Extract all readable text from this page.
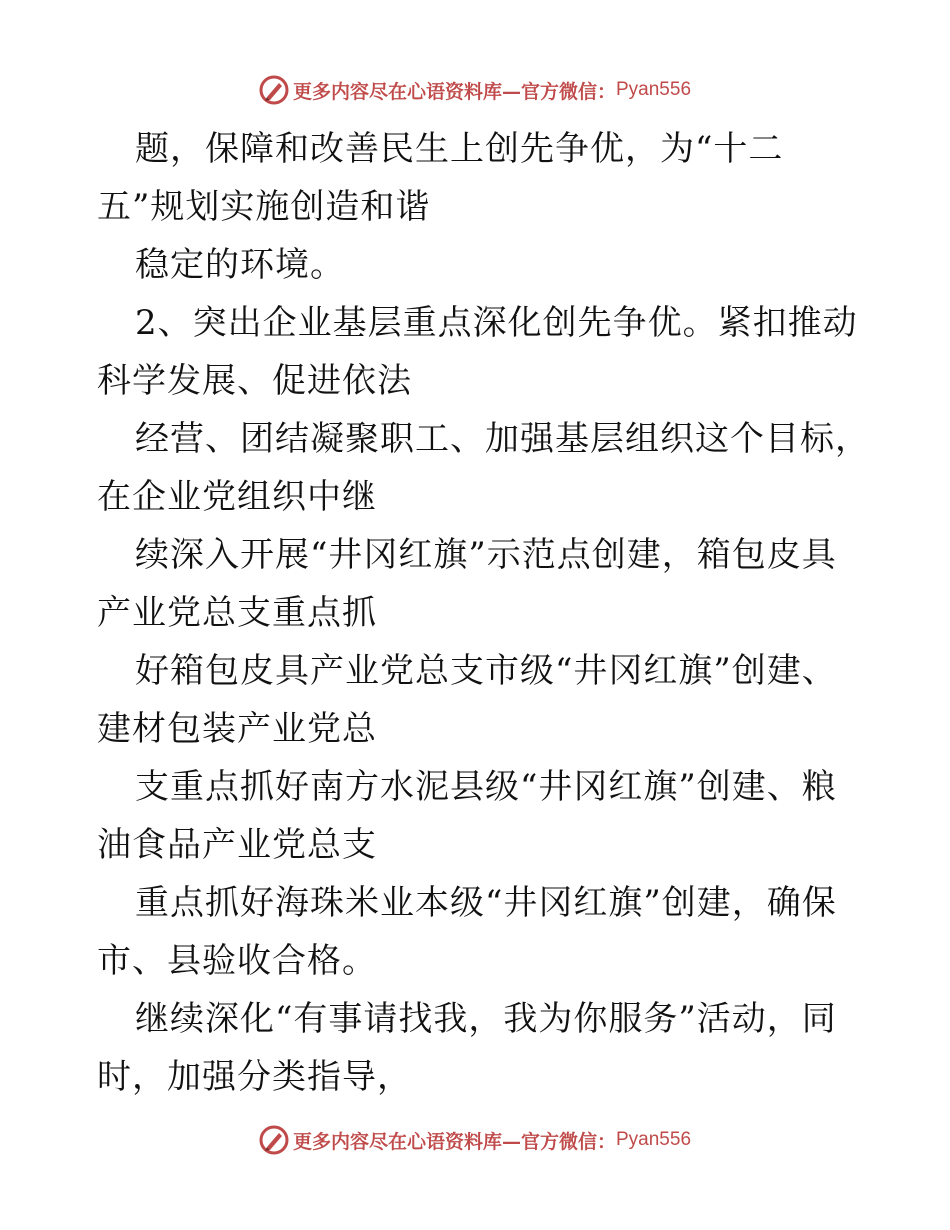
更多内容尽在心语资料库—官方微信： Pyan556
题，保障和改善民生上创先争优，为“十二
五”规划实施创造和谐
稳定的环境。
2、突出企业基层重点深化创先争优。紧扣推动
科学发展、促进依法
经营、团结凝聚职工、加强基层组织这个目标，
在企业党组织中继
续深入开展“井冈红旗”示范点创建，箱包皮具
产业党总支重点抓
好箱包皮具产业党总支市级“井冈红旗”创建、
建材包装产业党总
支重点抓好南方水泥县级“井冈红旗”创建、粮
油食品产业党总支
重点抓好海珠米业本级“井冈红旗”创建，确保
市、县验收合格。
继续深化“有事请找我，我为你服务”活动，同
时，加强分类指导，
更多内容尽在心语资料库—官方微信： Pyan556
